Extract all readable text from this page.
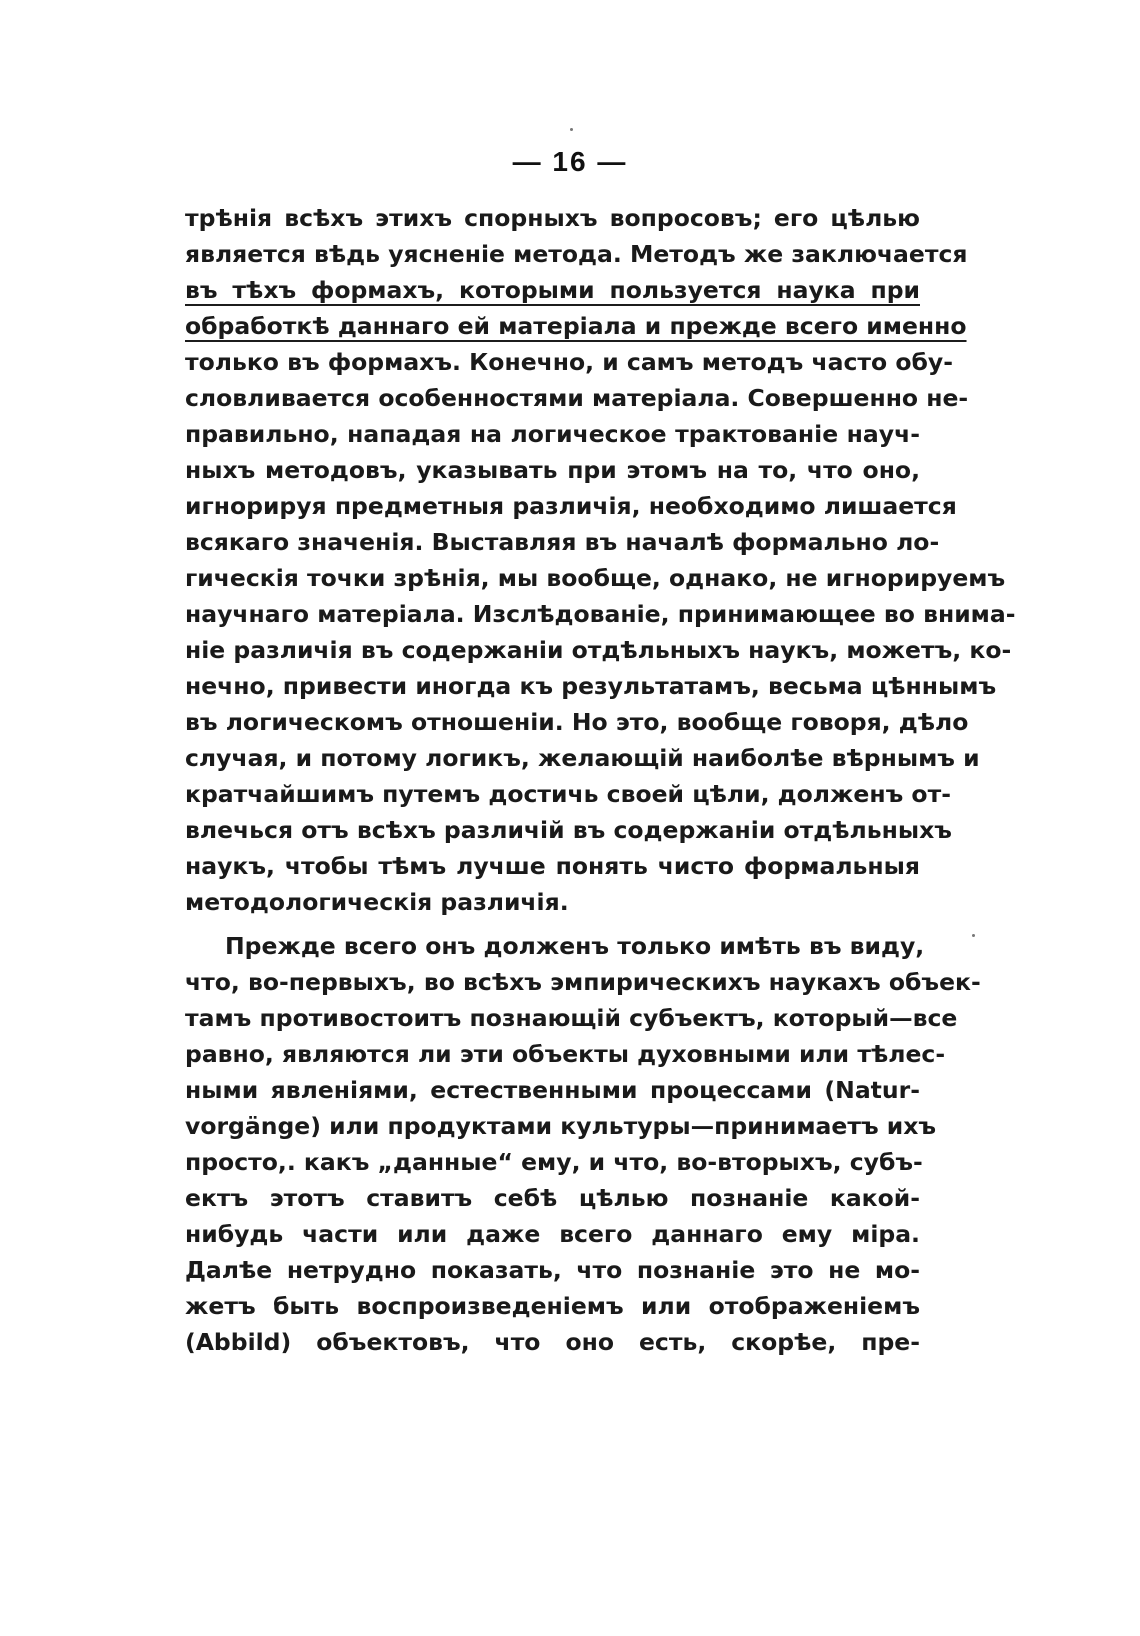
— 16 —
трѣнія всѣхъ этихъ спорныхъ вопросовъ; его цѣлью
является вѣдь уясненіе метода. Методъ же заключается
въ тѣхъ формахъ, которыми пользуется наука при
обработкѣ даннаго ей матеріала и прежде всего именно
только въ формахъ. Конечно, и самъ методъ часто обу-
словливается особенностями матеріала. Совершенно не-
правильно, нападая на логическое трактованіе науч-
ныхъ методовъ, указывать при этомъ на то, что оно,
игнорируя предметныя различія, необходимо лишается
всякаго значенія. Выставляя въ началѣ формально ло-
гическія точки зрѣнія, мы вообще, однако, не игнорируемъ
научнаго матеріала. Изслѣдованіе, принимающее во внима-
ніе различія въ содержаніи отдѣльныхъ наукъ, можетъ, ко-
нечно, привести иногда къ результатамъ, весьма цѣннымъ
въ логическомъ отношеніи. Но это, вообще говоря, дѣло
случая, и потому логикъ, желающій наиболѣе вѣрнымъ и
кратчайшимъ путемъ достичь своей цѣли, долженъ от-
влечься отъ всѣхъ различій въ содержаніи отдѣльныхъ
наукъ, чтобы тѣмъ лучше понять чисто формальныя
методологическія различія.
Прежде всего онъ долженъ только имѣть въ виду,
что, во-первыхъ, во всѣхъ эмпирическихъ наукахъ объек-
тамъ противостоитъ познающій субъектъ, который—все
равно, являются ли эти объекты духовными или тѣлес-
ными явленіями, естественными процессами (Natur-
vorgänge) или продуктами культуры—принимаетъ ихъ
просто,. какъ „данные“ ему, и что, во-вторыхъ, субъ-
ектъ этотъ ставитъ себѣ цѣлью познаніе какой-
нибудь части или даже всего даннаго ему міра.
Далѣе нетрудно показать, что познаніе это не мо-
жетъ быть воспроизведеніемъ или отображеніемъ
(Abbild) объектовъ, что оно есть, скорѣе, пре-
